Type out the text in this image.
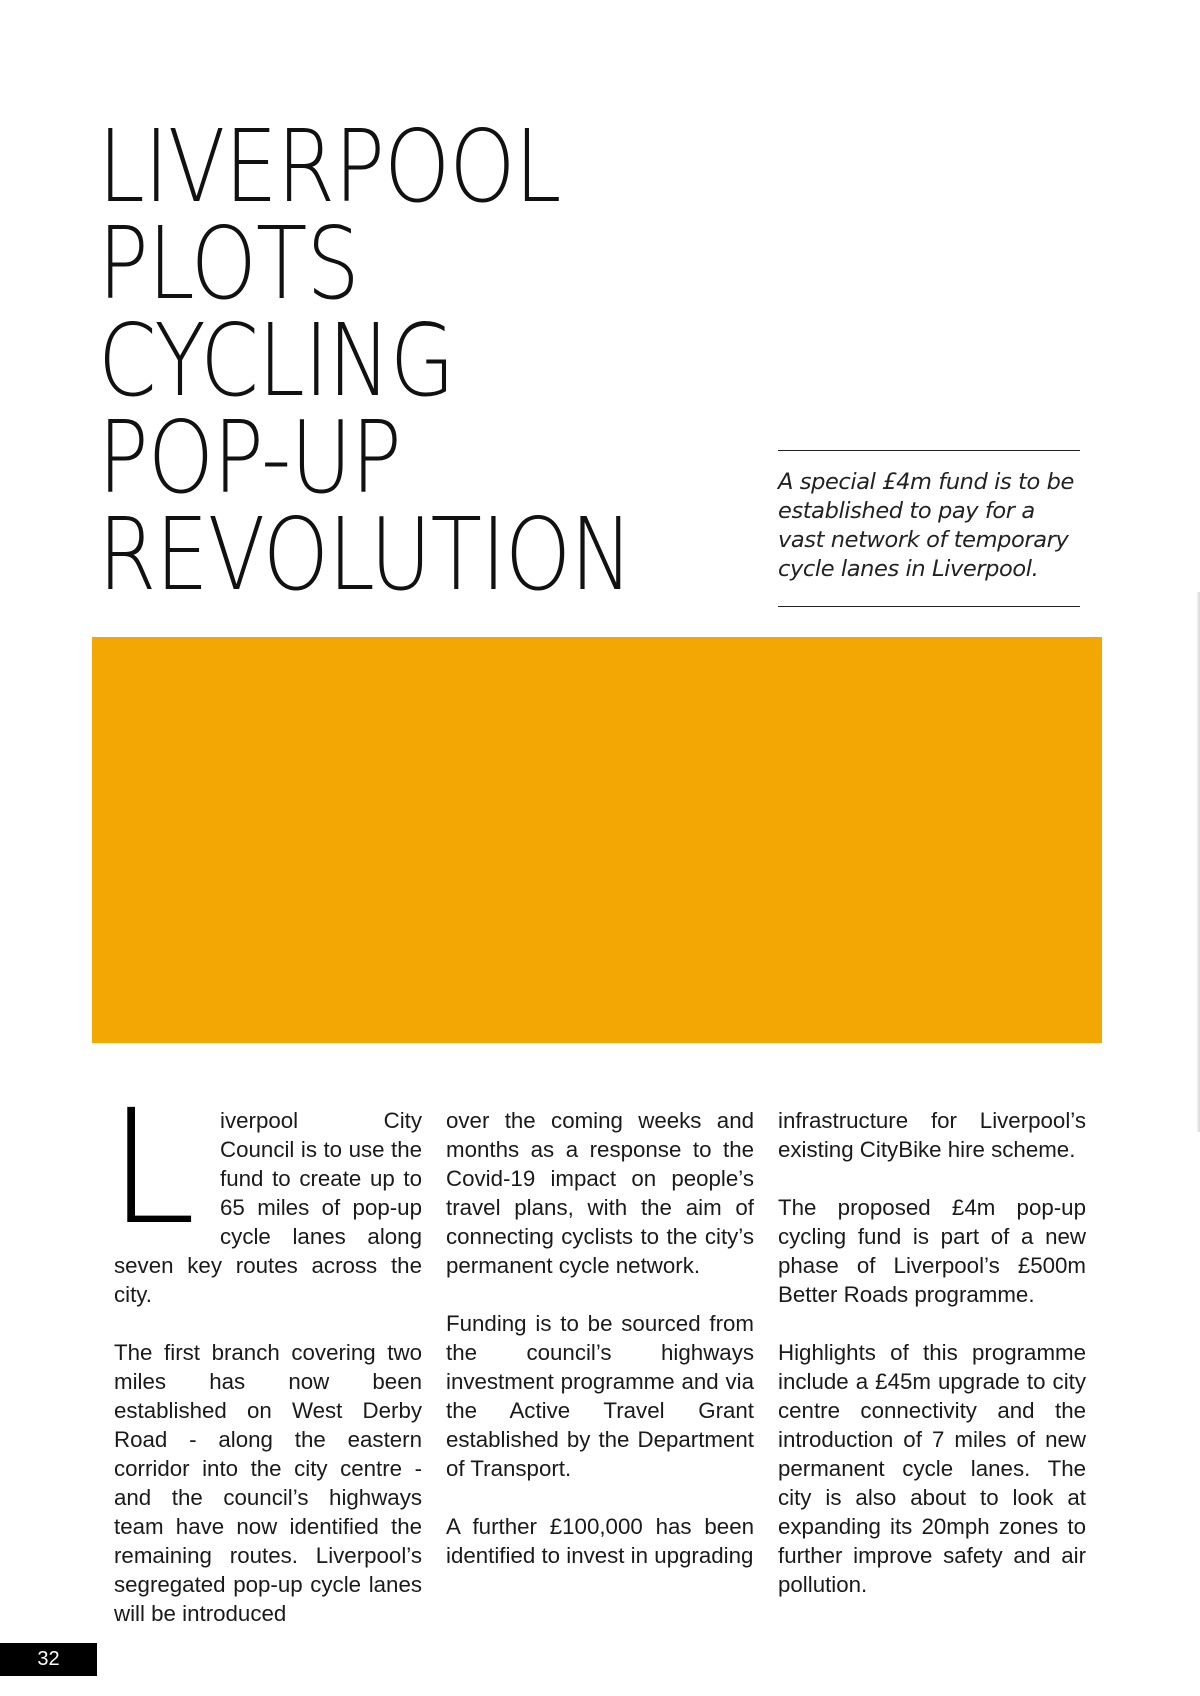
LIVERPOOL
PLOTS
CYCLING
POP-UP
REVOLUTION

A special £4m fund is to be established to pay for a vast network of temporary cycle lanes in Liverpool.

L iverpool City Council is to use the fund to create up to 65 miles of pop-up cycle lanes along seven key routes across the city.

The first branch covering two miles has now been established on West Derby Road - along the eastern corridor into the city centre - and the council’s highways team have now identified the remaining routes. Liverpool’s segregated pop-up cycle lanes will be introduced

over the coming weeks and months as a response to the Covid-19 impact on people’s travel plans, with the aim of connecting cyclists to the city’s permanent cycle network.

Funding is to be sourced from the council’s highways investment programme and via the Active Travel Grant established by the Department of Transport.

A further £100,000 has been identified to invest in upgrading

infrastructure for Liverpool’s existing CityBike hire scheme.

The proposed £4m pop-up cycling fund is part of a new phase of Liverpool’s £500m Better Roads programme.

Highlights of this programme include a £45m upgrade to city centre connectivity and the introduction of 7 miles of new permanent cycle lanes. The city is also about to look at expanding its 20mph zones to further improve safety and air pollution.

32
